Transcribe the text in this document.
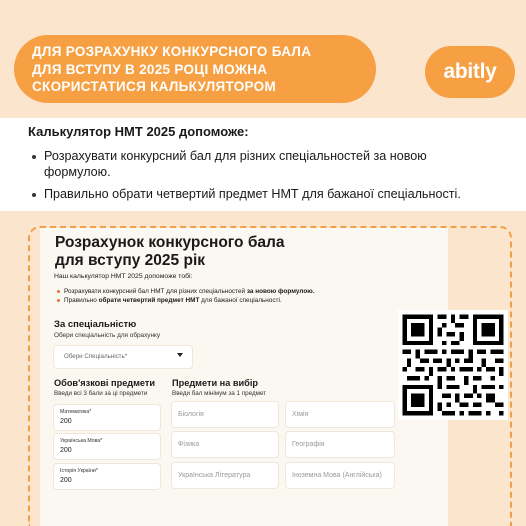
ДЛЯ РОЗРАХУНКУ КОНКУРСНОГО БАЛА
ДЛЯ ВСТУПУ В 2025 РОЦІ МОЖНА
СКОРИСТАТИСЯ КАЛЬКУЛЯТОРОМ
abitly
Калькулятор НМТ 2025 допоможе:
Розрахувати конкурсний бал для різних спеціальностей за новою
формулою.
Правильно обрати четвертий предмет НМТ для бажаної спеціальності.
Розрахунок конкурсного бала
для вступу 2025 рік
Наш калькулятор НМТ 2025 допоможе тобі:
Розрахувати конкурсний бал НМТ для різних спеціальностей за новою формулою.
Правильно обрати четвертий предмет НМТ для бажаної спеціальності.
За спеціальністю
Обери спеціальність для обрахунку
Обери Спеціальність*
Обов'язкові предмети
Введи всі 3 бали за ці предмети
Предмети на вибір
Введи бал мінімум за 1 предмет
Математика*
200
Українська Мова*
200
Історія України*
200
Біологія	Хімія
Фізика	Географія
Українська Література	Іноземна Мова (Англійська)
